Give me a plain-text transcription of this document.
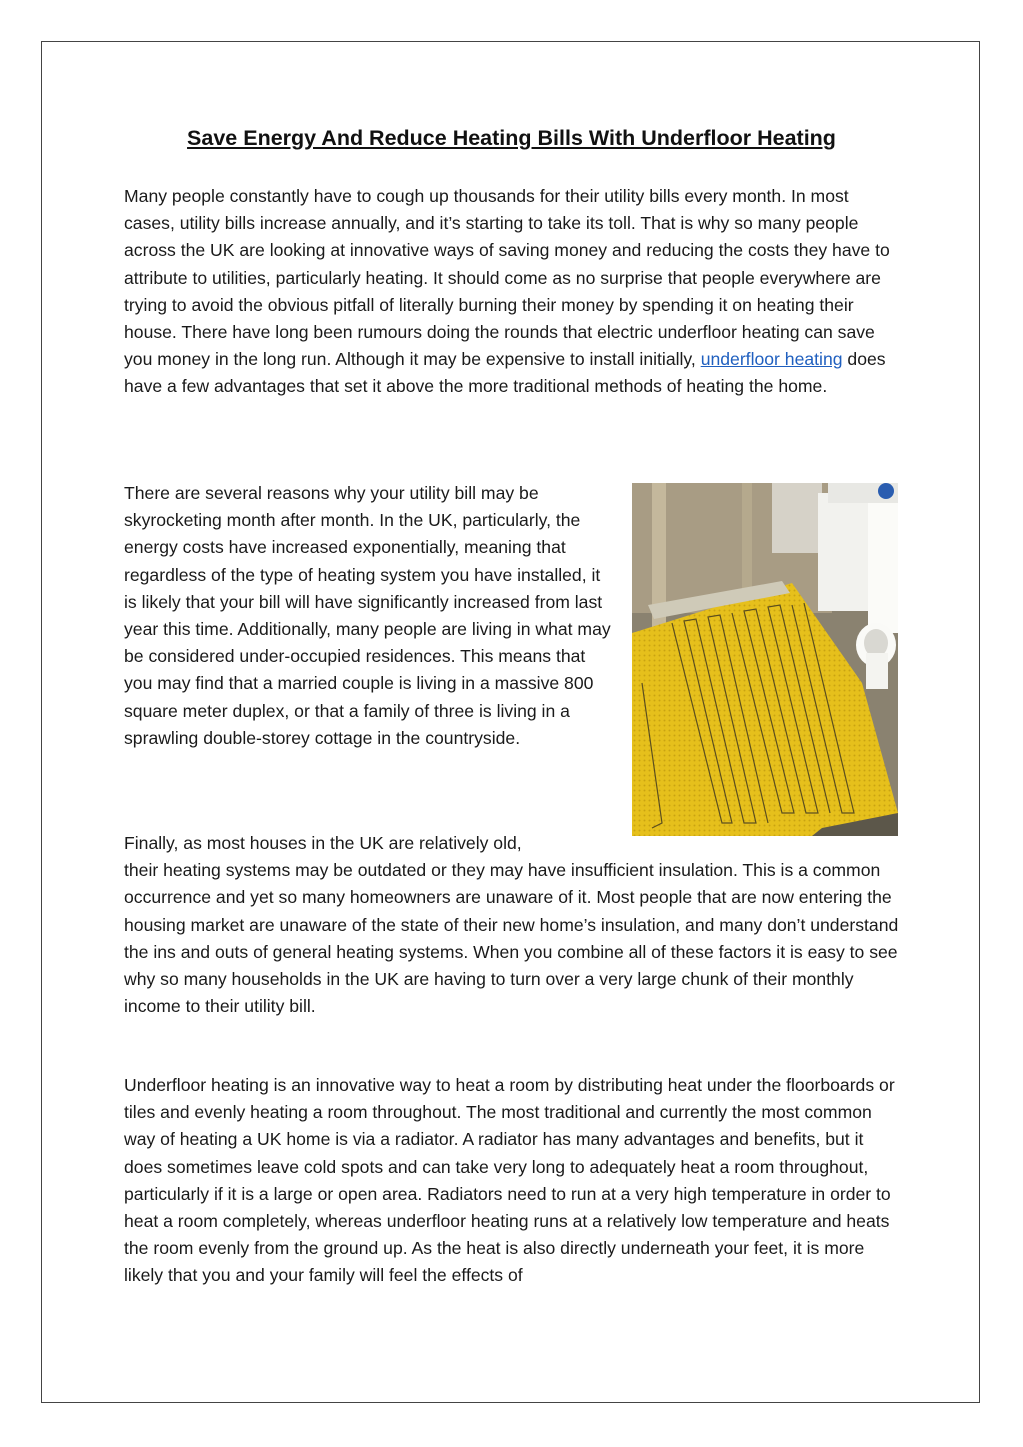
Save Energy And Reduce Heating Bills With Underfloor Heating

Many people constantly have to cough up thousands for their utility bills every month. In most cases, utility bills increase annually, and it’s starting to take its toll. That is why so many people across the UK are looking at innovative ways of saving money and reducing the costs they have to attribute to utilities, particularly heating. It should come as no surprise that people everywhere are trying to avoid the obvious pitfall of literally burning their money by spending it on heating their house. There have long been rumours doing the rounds that electric underfloor heating can save you money in the long run. Although it may be expensive to install initially, underfloor heating does have a few advantages that set it above the more traditional methods of heating the home.

There are several reasons why your utility bill may be skyrocketing month after month. In the UK, particularly, the energy costs have increased exponentially, meaning that regardless of the type of heating system you have installed, it is likely that your bill will have significantly increased from last year this time. Additionally, many people are living in what may be considered under-occupied residences. This means that you may find that a married couple is living in a massive 800 square meter duplex, or that a family of three is living in a sprawling double-storey cottage in the countryside.

Finally, as most houses in the UK are relatively old,
their heating systems may be outdated or they may have insufficient insulation. This is a common occurrence and yet so many homeowners are unaware of it. Most people that are now entering the housing market are unaware of the state of their new home’s insulation, and many don’t understand the ins and outs of general heating systems. When you combine all of these factors it is easy to see why so many households in the UK are having to turn over a very large chunk of their monthly income to their utility bill.

Underfloor heating is an innovative way to heat a room by distributing heat under the floorboards or tiles and evenly heating a room throughout. The most traditional and currently the most common way of heating a UK home is via a radiator. A radiator has many advantages and benefits, but it does sometimes leave cold spots and can take very long to adequately heat a room throughout, particularly if it is a large or open area. Radiators need to run at a very high temperature in order to heat a room completely, whereas underfloor heating runs at a relatively low temperature and heats the room evenly from the ground up. As the heat is also directly underneath your feet, it is more likely that you and your family will feel the effects of
